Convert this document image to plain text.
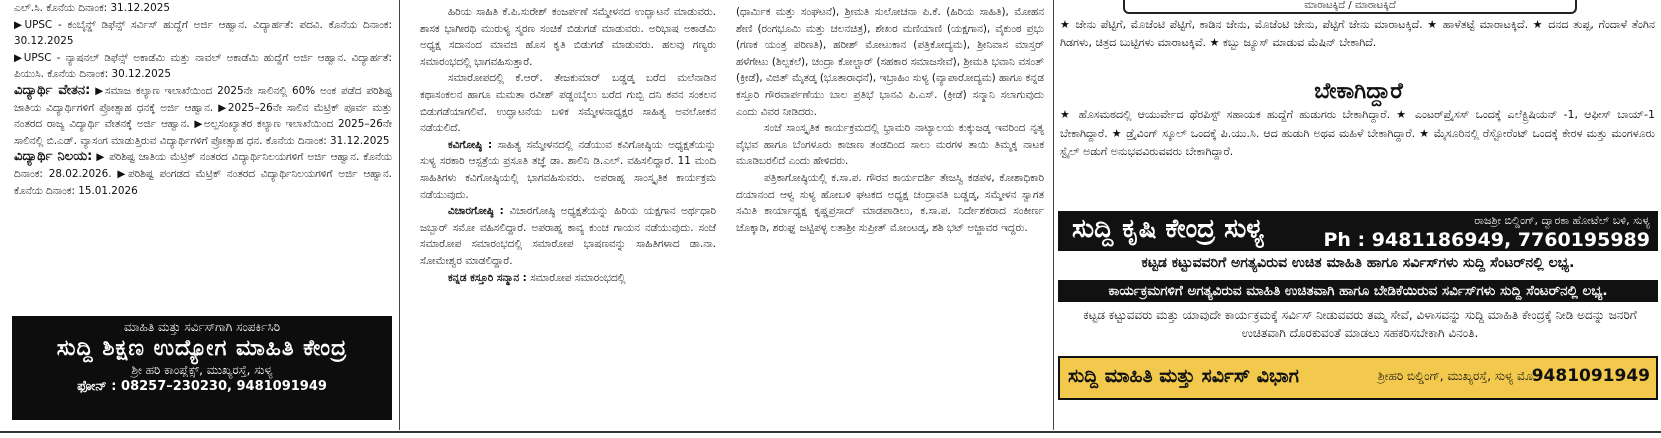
ಎಲ್.ಸಿ. ಕೊನೆಯ ದಿನಾಂಕ: 31.12.2025

▶UPSC - ಕಂಬೈನ್ಡ್ ಡಿಫೆನ್ಸ್ ಸರ್ವಿಸ್ ಹುದ್ದೆಗೆ ಅರ್ಜಿ ಆಹ್ವಾನ. ವಿದ್ಯಾರ್ಹತೆ: ಪದವಿ. ಕೊನೆಯ ದಿನಾಂಕ: 30.12.2025

▶UPSC - ನ್ಯಾಷನಲ್ ಡಿಫೆನ್ಸ್ ಅಕಾಡೆಮಿ ಮತ್ತು ನಾವಲ್ ಅಕಾಡೆಮಿ ಹುದ್ದೆಗೆ ಅರ್ಜಿ ಆಹ್ವಾನ. ವಿದ್ಯಾರ್ಹತೆ: ಪಿಯುಸಿ. ಕೊನೆಯ ದಿನಾಂಕ: 30.12.2025

ವಿದ್ಯಾರ್ಥಿ ವೇತನ: ▶ಸಮಾಜ ಕಲ್ಯಾಣ ಇಲಾಖೆಯಿಂದ 2025ನೇ ಸಾಲಿನಲ್ಲಿ 60% ಅಂಕ ಪಡೆದ ಪರಿಶಿಷ್ಟ ಜಾತಿಯ ವಿದ್ಯಾರ್ಥಿಗಳಿಗೆ ಪ್ರೋತ್ಸಾಹ ಧನಕ್ಕೆ ಅರ್ಜಿ ಆಹ್ವಾನ. ▶2025–26ನೇ ಸಾಲಿನ ಮೆಟ್ರಿಕ್ ಪೂರ್ವ ಮತ್ತು ನಂತರದ ರಾಜ್ಯ ವಿದ್ಯಾರ್ಥಿ ವೇತನಕ್ಕೆ ಅರ್ಜಿ ಆಹ್ವಾನ. ▶ಅಲ್ಪಸಂಖ್ಯಾತರ ಕಲ್ಯಾಣ ಇಲಾಖೆಯಿಂದ 2025–26ನೇ ಸಾಲಿನಲ್ಲಿ ಬಿ.ಎಡ್. ವ್ಯಾಸಂಗ ಮಾಡುತ್ತಿರುವ ವಿದ್ಯಾರ್ಥಿಗಳಿಗೆ ಪ್ರೋತ್ಸಾಹ ಧನ. ಕೊನೆಯ ದಿನಾಂಕ: 31.12.2025

ವಿದ್ಯಾರ್ಥಿ ನಿಲಯ: ▶ ಪರಿಶಿಷ್ಟ ಜಾತಿಯ ಮೆಟ್ರಿಕ್ ನಂತರದ ವಿದ್ಯಾರ್ಥಿನಿಲಯಗಳಿಗೆ ಅರ್ಜಿ ಆಹ್ವಾನ. ಕೊನೆಯ ದಿನಾಂಕ: 28.02.2026. ▶ಪರಿಶಿಷ್ಟ ಪಂಗಡದ ಮೆಟ್ರಿಕ್ ನಂತರದ ವಿದ್ಯಾರ್ಥಿನಿಲಯಗಳಿಗೆ ಅರ್ಜಿ ಆಹ್ವಾನ. ಕೊನೆಯ ದಿನಾಂಕ: 15.01.2026

ಮಾಹಿತಿ ಮತ್ತು ಸರ್ವಿಸ್‌ಗಾಗಿ ಸಂಪರ್ಕಿಸಿರಿ
ಸುದ್ದಿ ಶಿಕ್ಷಣ ಉದ್ಯೋಗ ಮಾಹಿತಿ ಕೇಂದ್ರ
ಶ್ರೀ ಹರಿ ಕಾಂಪ್ಲೆಕ್ಸ್, ಮುಖ್ಯರಸ್ತೆ, ಸುಳ್ಯ
ಫೋನ್ : 08257–230230, 9481091949

ಹಿರಿಯ ಸಾಹಿತಿ ಕೆ.ಪಿ.ಸುರೇಶ್ ಕಂಜರ್ಪಣೆ ಸಮ್ಮೇಳನದ ಉದ್ಘಾಟನೆ ಮಾಡುವರು. ಶಾಸಕ ಭಾಗೀರಥಿ ಮುರುಳ್ಯ ಸ್ಮರಣ ಸಂಚಿಕೆ ಬಿಡುಗಡೆ ಮಾಡುವರು. ಅರಿಭಾಷ ಅಕಾಡೆಮಿ ಅಧ್ಯಕ್ಷ ಸದಾನಂದ ಮಾವಜಿ ಹೊಸ ಕೃತಿ ಬಿಡುಗಡೆ ಮಾಡುವರು. ಹಲವು ಗಣ್ಯರು ಸಮಾರಂಭದಲ್ಲಿ ಭಾಗವಹಿಸುತ್ತಾರೆ.

ಸಮಾರೋಪದಲ್ಲಿ ಕೆ.ಆರ್. ತೇಜಕುಮಾರ್ ಬಡ್ಡಡ್ಕ ಬರೆದ ಮಲೆನಾಡಿನ ಕಥಾಸಂಕಲನ ಹಾಗೂ ಮಮತಾ ರವೀಶ್ ಪಡ್ಡಂಬೈಲು ಬರೆದ ಗುಬ್ಬಿ ದನಿ ಕವನ ಸಂಕಲನ ಬಿಡುಗಡೆಯಾಗಲಿವೆ. ಉದ್ಘಾಟನೆಯ ಬಳಿಕ ಸಮ್ಮೇಳನಾಧ್ಯಕ್ಷರ ಸಾಹಿತ್ಯ ಅವಲೋಕನ ನಡೆಯಲಿದೆ.

ಕವಿಗೋಷ್ಠಿ : ಸಾಹಿತ್ಯ ಸಮ್ಮೇಳನದಲ್ಲಿ ನಡೆಯುವ ಕವಿಗೋಷ್ಠಿಯ ಅಧ್ಯಕ್ಷತೆಯನ್ನು ಸುಳ್ಯ ಸರಕಾರಿ ಆಸ್ಪತ್ರೆಯ ಪ್ರಸೂತಿ ತಜ್ಞೆ ಡಾ. ಶಾಲಿನಿ ಡಿ.ಎಲ್. ವಹಿಸಲಿದ್ದಾರೆ. 11 ಮಂದಿ ಸಾಹಿತಿಗಳು ಕವಿಗೋಷ್ಠಿಯಲ್ಲಿ ಭಾಗವಹಿಸುವರು. ಅಪರಾಹ್ನ ಸಾಂಸ್ಕೃತಿಕ ಕಾರ್ಯಕ್ರಮ ನಡೆಯುವುದು.

ವಿಚಾರಗೋಷ್ಠಿ : ವಿಚಾರಗೋಷ್ಠಿ ಅಧ್ಯಕ್ಷತೆಯನ್ನು ಹಿರಿಯ ಯಕ್ಷಗಾನ ಅರ್ಥಧಾರಿ ಜಬ್ಬಾರ್ ಸಮೋ ವಹಿಸಲಿದ್ದಾರೆ. ಅಪರಾಹ್ನ ಕಾವ್ಯ ಕುಂಚ ಗಾಯನ ನಡೆಯುವುದು. ಸಂಜೆ ಸಮಾರೋಪ ಸಮಾರಂಭದಲ್ಲಿ ಸಮಾರೋಪ ಭಾಷಣವನ್ನು ಸಾಹಿತಿಗಳಾದ ಡಾ.ನಾ. ಸೋಮೇಶ್ವರ ಮಾಡಲಿದ್ದಾರೆ.

ಕನ್ನಡ ಕಸ್ತೂರಿ ಸನ್ಮಾನ : ಸಮಾರೋಪ ಸಮಾರಂಭದಲ್ಲಿ

(ಧಾರ್ಮಿಕ ಮತ್ತು ಸಂಘಟನೆ), ಶ್ರೀಮತಿ ಸುಲೋಚನಾ ಪಿ.ಕೆ. (ಹಿರಿಯ ಸಾಹಿತಿ), ಮೋಹನ ಶೇಣಿ (ರಂಗಭೂಮಿ ಮತ್ತು ಚಲನಚಿತ್ರ), ಶೇಖರ ಮಣಿಯಾಣಿ (ಯಕ್ಷಗಾನ), ವೈಕುಂಠ ಪ್ರಭು (ಗಣಕ ಯಂತ್ರ ಪರಿಣತಿ), ಹರೀಶ್ ಮೋಟುಕಾನ (ಪತ್ರಿಕೋದ್ಯಮ), ಶ್ರೀನಿವಾಸ ಮಾಸ್ತರ್ ಹಳೆಗೇಟು (ಶಿಲ್ಪಕಲೆ), ಚಂದ್ರಾ ಕೋಲ್ಚಾರ್ (ಸಹಕಾರ ಸಮಾಜಸೇವೆ), ಶ್ರೀಮತಿ ಭವಾನಿ ವಸಂತ್ (ಕ್ರೀಡೆ), ವಿಜಿತ್ ಮೈತಡ್ಕ (ಭೂತಾರಾಧನೆ), ಇಬ್ರಾಹಿಂ ಸುಳ್ಯ (ವ್ಯಾಪಾರೋದ್ಯಮ) ಹಾಗೂ ಕನ್ನಡ ಕಸ್ತೂರಿ ಗೌರವಾರ್ಪಣೆಯು ಬಾಲ ಪ್ರತಿಭೆ ಭಾನವಿ ಪಿ.ಎಸ್. (ಕ್ರೀಡೆ) ಸನ್ಮಾನಿ ಸಲಾಗುವುದು ಎಂದು ವಿವರ ನೀಡಿದರು.

ಸಂಜೆ ಸಾಂಸ್ಕೃತಿಕ ಕಾರ್ಯಕ್ರಮದಲ್ಲಿ ಭ್ರಾಮರಿ ನಾಟ್ಯಾಲಯ ಕುಕ್ಕುಜಡ್ಕ ಇವರಿಂದ ನೃತ್ಯ ವೈಭವ ಹಾಗೂ ಬೆಂಗಳೂರು ಕಾಜಾಣ ತಂಡದಿಂದ ಸಾಲು ಮರಗಳ ತಾಯಿ ತಿಮ್ಮಕ್ಕ ನಾಟಕ ಮೂಡಿಬರಲಿದೆ ಎಂದು ಹೇಳಿದರು.

ಪತ್ರಿಕಾಗೋಷ್ಠಿಯಲ್ಲಿ ಕ.ಸಾ.ಪ. ಗೌರವ ಕಾರ್ಯದರ್ಶಿ ತೇಜಸ್ವಿ ಕಡಪಳ, ಕೋಶಾಧಿಕಾರಿ ದಯಾನಂದ ಆಳ್ವ ಸುಳ್ಯ ಹೋಬಳಿ ಘಟಕದ ಅಧ್ಯಕ್ಷ ಚಂದ್ರಾವತಿ ಬಡ್ಡಡ್ಕ, ಸಮ್ಮೇಳನ ಸ್ವಾಗತ ಸಮಿತಿ ಕಾರ್ಯಾಧ್ಯಕ್ಷ ಕೃಷ್ಣಪ್ರಸಾದ್ ಮಾಡಪಾಡಿಲು, ಕ.ಸಾ.ಪ. ನಿರ್ದೇಶಕರಾದ ಸಂಕೀರ್ಣ ಚೊಕ್ಕಾಡಿ, ಶರುಘ್ನ ಜಟ್ಟಿಪಳ್ಳ ಲತಾಶ್ರೀ ಸುಪ್ರೀತ್ ಮೋಂಟಡ್ಕ, ಶಶಿ ಭಟ್ ಅಜ್ಜಾವರ ಇದ್ದರು.

ಮಾರಾಟಕ್ಕಿದೆ / ಮಾರಾಟಕ್ಕಿದೆ

★ ಜೇನು ಪೆಟ್ಟಿಗೆ, ಮೊಜೆಂಟಿ ಪೆಟ್ಟಿಗೆ, ಕಾಡಿನ ಜೇನು, ಮೊಜೆಂಟಿ ಜೇನು, ಪೆಟ್ಟಿಗೆ ಜೇನು ಮಾರಾಟಕ್ಕಿದೆ. ★ ಹಾಳೆತಟ್ಟೆ ಮಾರಾಟಕ್ಕಿದೆ. ★ ದನದ ತುಪ್ಪ, ಗೆಂದಾಳೆ ತೆಂಗಿನ ಗಿಡಗಳು, ಚಿತ್ರದ ಬುಟ್ಟಿಗಳು ಮಾರಾಟಕ್ಕಿವೆ. ★ ಕಬ್ಬು ಜ್ಯೂಸ್ ಮಾಡುವ ಮೆಷಿನ್ ಬೇಕಾಗಿದೆ.

ಬೇಕಾಗಿದ್ದಾರೆ

★ ಹೊಸಮಠದಲ್ಲಿ ಆಯುರ್ವೇದ ಥೆರಪಿಸ್ಟ್ ಸಹಾಯಕ ಹುದ್ದೆಗೆ ಹುಡುಗರು ಬೇಕಾಗಿದ್ದಾರೆ. ★ ಎಂಟರ್‌ಪ್ರೈಸಸ್ ಒಂದಕ್ಕೆ ಎಲೆಕ್ಟ್ರಿಷಿಯನ್ -1, ಆಫೀಸ್ ಬಾಯ್-1 ಬೇಕಾಗಿದ್ದಾರೆ. ★ ಡ್ರೈವಿಂಗ್ ಸ್ಕೂಲ್ ಒಂದಕ್ಕೆ ಪಿ.ಯು.ಸಿ. ಆದ ಹುಡುಗಿ ಅಥವ ಮಹಿಳೆ ಬೇಕಾಗಿದ್ದಾರೆ. ★ ಮೈಸೂರಿನಲ್ಲಿ ರೆಸ್ಟೋರೆಂಟ್ ಒಂದಕ್ಕೆ ಕೇರಳ ಮತ್ತು ಮಂಗಳೂರು ಸ್ಟೈಲ್ ಅಡುಗೆ ಅನುಭವವಿರುವವರು ಬೇಕಾಗಿದ್ದಾರೆ.

ಸುದ್ದಿ ಕೃಷಿ ಕೇಂದ್ರ ಸುಳ್ಯ	ರಾಜಶ್ರೀ ಬಿಲ್ಡಿಂಗ್, ದ್ವಾರಕಾ ಹೋಟೆಲ್ ಬಳಿ, ಸುಳ್ಯ
Ph : 9481186949, 7760195989
ಕಟ್ಟಡ ಕಟ್ಟುವವರಿಗೆ ಅಗತ್ಯವಿರುವ ಉಚಿತ ಮಾಹಿತಿ ಹಾಗೂ ಸರ್ವಿಸ್‌ಗಳು ಸುದ್ದಿ ಸೆಂಟರ್‌ನಲ್ಲಿ ಲಭ್ಯ.
ಕಾರ್ಯಕ್ರಮಗಳಿಗೆ ಅಗತ್ಯವಿರುವ ಮಾಹಿತಿ ಉಚಿತವಾಗಿ ಹಾಗೂ ಬೇಡಿಕೆಯಿರುವ ಸರ್ವಿಸ್‌ಗಳು ಸುದ್ದಿ ಸೆಂಟರ್‌ನಲ್ಲಿ ಲಭ್ಯ.
ಕಟ್ಟಡ ಕಟ್ಟುವವರು ಮತ್ತು ಯಾವುದೇ ಕಾರ್ಯಕ್ರಮಕ್ಕೆ ಸರ್ವಿಸ್ ನೀಡುವವರು ತಮ್ಮ ಸೇವೆ, ವಿಳಾಸವನ್ನು ಸುದ್ದಿ ಮಾಹಿತಿ ಕೇಂದ್ರಕ್ಕೆ ನೀಡಿ ಅದನ್ನು ಜನರಿಗೆ ಉಚಿತವಾಗಿ ದೊರಕುವಂತೆ ಮಾಡಲು ಸಹಕರಿಸಬೇಕಾಗಿ ವಿನಂತಿ.
ಸುದ್ದಿ ಮಾಹಿತಿ ಮತ್ತು ಸರ್ವಿಸ್ ವಿಭಾಗ	ಶ್ರೀಹರಿ ಬಿಲ್ಡಿಂಗ್, ಮುಖ್ಯರಸ್ತೆ, ಸುಳ್ಯ ಮೊ:
9481091949
